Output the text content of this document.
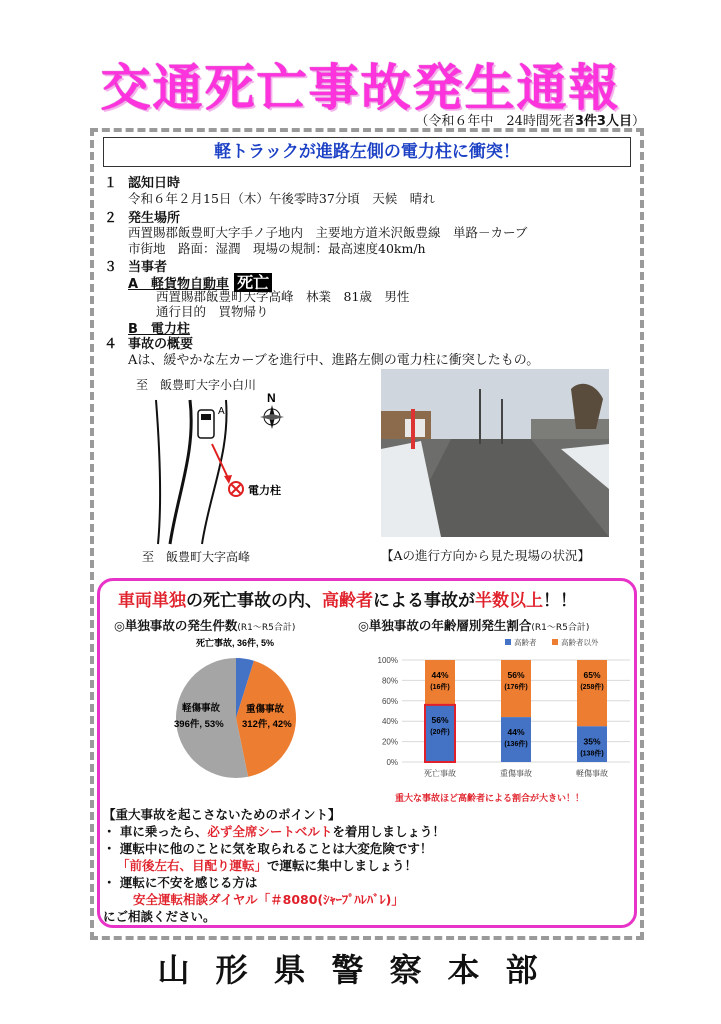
交通死亡事故発生通報
（令和６年中　24時間死者3件3人目）
軽トラックが進路左側の電力柱に衝突！
１ 認知日時
令和６年２月15日（木）午後零時37分頃　天候　晴れ
２ 発生場所
西置賜郡飯豊町大字手ノ子地内　主要地方道米沢飯豊線　単路－カーブ
市街地　路面：湿潤　現場の規制：最高速度40km/h
３ 当事者
A　軽貨物自動車 死亡
西置賜郡飯豊町大字高峰　林業　81歳　男性
通行目的　買物帰り
B　電力柱
４ 事故の概要
Aは、緩やかな左カーブを進行中、進路左側の電力柱に衝突したもの。
至　飯豊町大字小白川
A
電力柱
N
至　飯豊町大字高峰	【Aの進行方向から見た現場の状況】
車両単独の死亡事故の内、高齢者による事故が半数以上！！
◎単独事故の発生件数(R1～R5合計)
死亡事故, 36件, 5%
重傷事故
312件, 42%
軽傷事故
396件, 53%
◎単独事故の年齢層別発生割合(R1～R5合計)
高齢者	高齢者以外
100%
80%
60%
40%
20%
0%
44%
(16件)
56%
(20件)
死亡事故
56%
(176件)
44%
(136件)
重傷事故
65%
(258件)
35%
(138件)
軽傷事故
重大な事故ほど高齢者による割合が大きい！！
【重大事故を起こさないためのポイント】
・ 車に乗ったら、必ず全席シートベルトを着用しましょう！
・ 運転中に他のことに気を取られることは大変危険です！
「前後左右、目配り運転」で運転に集中しましょう！
・ 運転に不安を感じる方は
安全運転相談ダイヤル「＃8080(ｼｬｰﾌﾟﾊﾚﾊﾞﾚ)」
にご相談ください。
山形県警察本部
